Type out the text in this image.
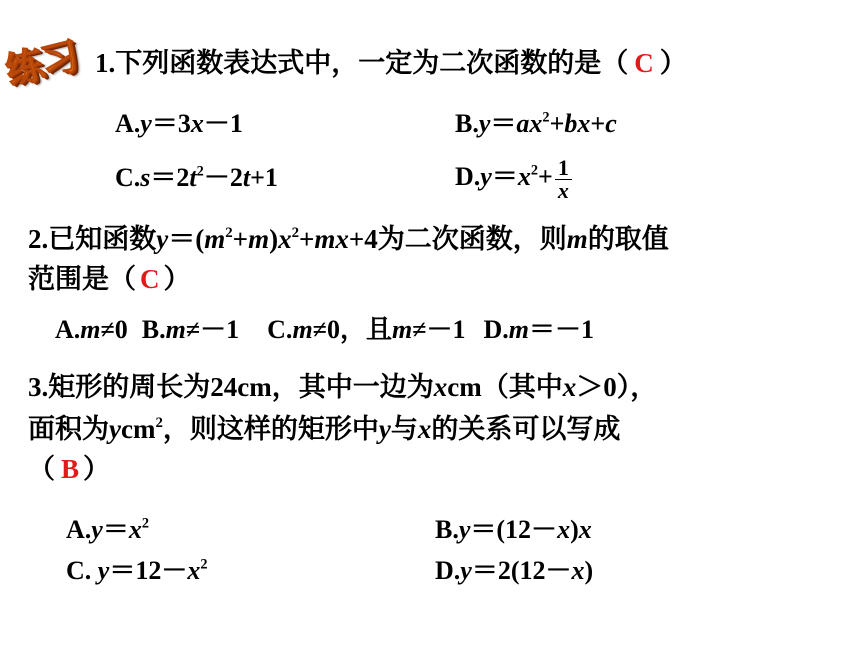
练习 1.下列函数表达式中，一定为二次函数的是（ C ）
A.y＝3x－1	$B.y=ax^2+bx+c$
$C.s=2t^2-2t+1$	$D.y=x^2+ \frac{1}{x}$
2.已知函数$y=(m^2+m)x^2+mx+4$为二次函数，则m的取值
范围是（ C ）
A.m≠0 B.m≠－1 C.m≠0，且m≠－1 D.m＝－1
3.矩形的周长为24cm，其中一边为xcm（其中x＞0），
面积为ycm$^2$，则这样的矩形中y与x的关系可以写成
（ B ）
$A.y=x^2$	B.y＝(12－x)x
C. $y=12-x^2$	D.y＝2(12－x)
